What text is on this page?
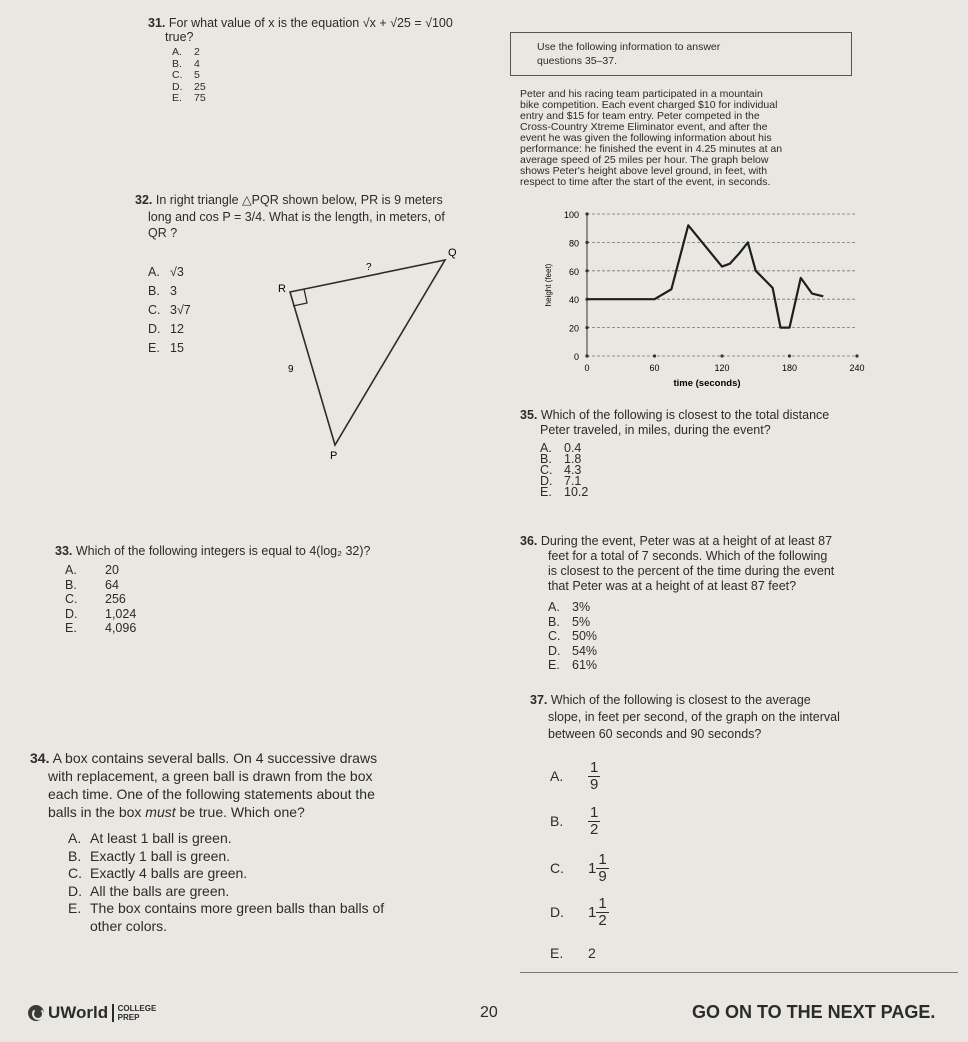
31. For what value of x is the equation √x + √25 = √100
true?
A. 2
B. 4
C. 5
D. 25
E. 75
Use the following information to answer
questions 35–37.
Peter and his racing team participated in a mountain
bike competition. Each event charged $10 for individual
entry and $15 for team entry. Peter competed in the
Cross-Country Xtreme Eliminator event, and after the
event he was given the following information about his
performance: he finished the event in 4.25 minutes at an
average speed of 25 miles per hour. The graph below
shows Peter's height above level ground, in feet, with
respect to time after the start of the event, in seconds.
32. In right triangle △PQR shown below, PR is 9 meters
long and cos P = 3/4. What is the length, in meters, of
QR ?
A. √3
B. 3
C. 3√7
D. 12
E. 15
Q
R
P
?
9
0
20
40
60
80
100
0	60	120	180	240
time (seconds)
height (feet)
35. Which of the following is closest to the total distance
Peter traveled, in miles, during the event?
A. 0.4
B. 1.8
C. 4.3
D. 7.1
E. 10.2
33. Which of the following integers is equal to 4(log₂ 32)?
A. 20
B. 64
C. 256
D. 1,024
E. 4,096
36. During the event, Peter was at a height of at least 87
feet for a total of 7 seconds. Which of the following
is closest to the percent of the time during the event
that Peter was at a height of at least 87 feet?
A. 3%
B. 5%
C. 50%
D. 54%
E. 61%
37. Which of the following is closest to the average
slope, in feet per second, of the graph on the interval
between 60 seconds and 90 seconds?
A.	$\frac{1}{9}$
B.	$\frac{1}{2}$
C.	$1 \frac{1}{9}$
D.	$1 \frac{1}{2}$
E.	2
34. A box contains several balls. On 4 successive draws
with replacement, a green ball is drawn from the box
each time. One of the following statements about the
balls in the box must be true. Which one?
A. At least 1 ball is green.
B. Exactly 1 ball is green.
C. Exactly 4 balls are green.
D. All the balls are green.
E. The box contains more green balls than balls of
other colors.
UWorld COLLEGE
PREP	20	GO ON TO THE NEXT PAGE.
